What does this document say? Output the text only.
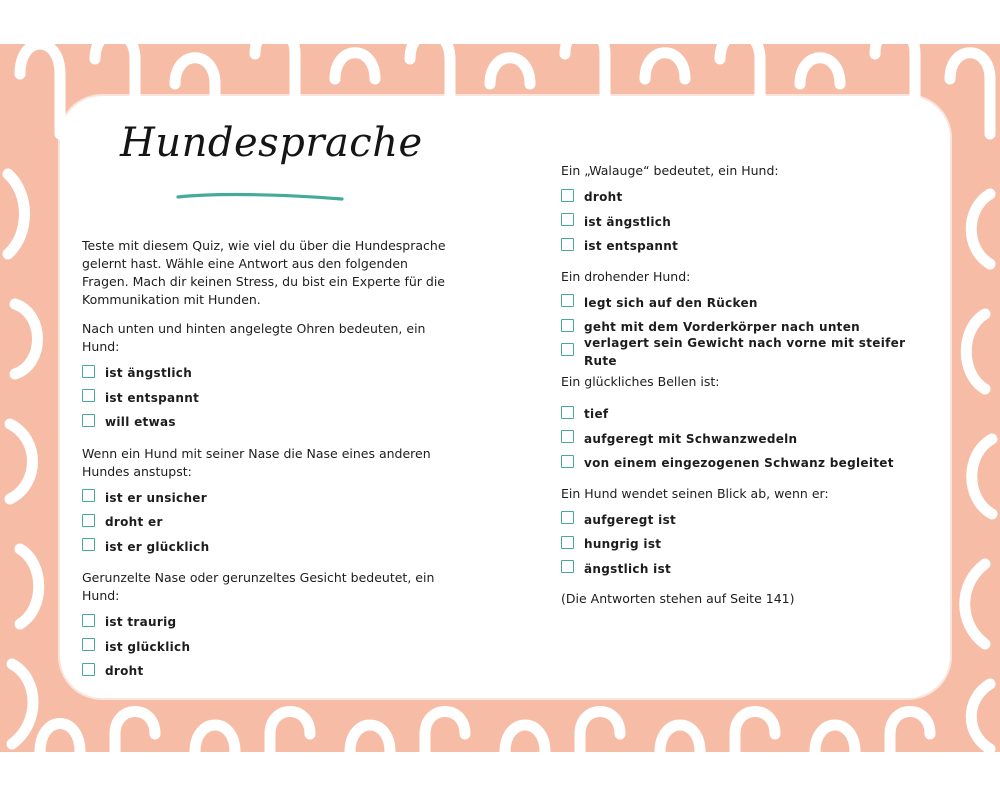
Hundesprache

Teste mit diesem Quiz, wie viel du über die Hundesprache gelernt hast. Wähle eine Antwort aus den folgenden Fragen. Mach dir keinen Stress, du bist ein Experte für die Kommunikation mit Hunden.

Nach unten und hinten angelegte Ohren bedeuten, ein Hund:

ist ängstlich
ist entspannt
will etwas

Wenn ein Hund mit seiner Nase die Nase eines anderen Hundes anstupst:

ist er unsicher
droht er
ist er glücklich

Gerunzelte Nase oder gerunzeltes Gesicht bedeutet, ein Hund:

ist traurig
ist glücklich
droht

Ein „Walauge“ bedeutet, ein Hund:

droht
ist ängstlich
ist entspannt

Ein drohender Hund:

legt sich auf den Rücken
geht mit dem Vorderkörper nach unten
verlagert sein Gewicht nach vorne mit steifer Rute

Ein glückliches Bellen ist:

tief
aufgeregt mit Schwanzwedeln
von einem eingezogenen Schwanz begleitet

Ein Hund wendet seinen Blick ab, wenn er:

aufgeregt ist
hungrig ist
ängstlich ist

(Die Antworten stehen auf Seite 141)
